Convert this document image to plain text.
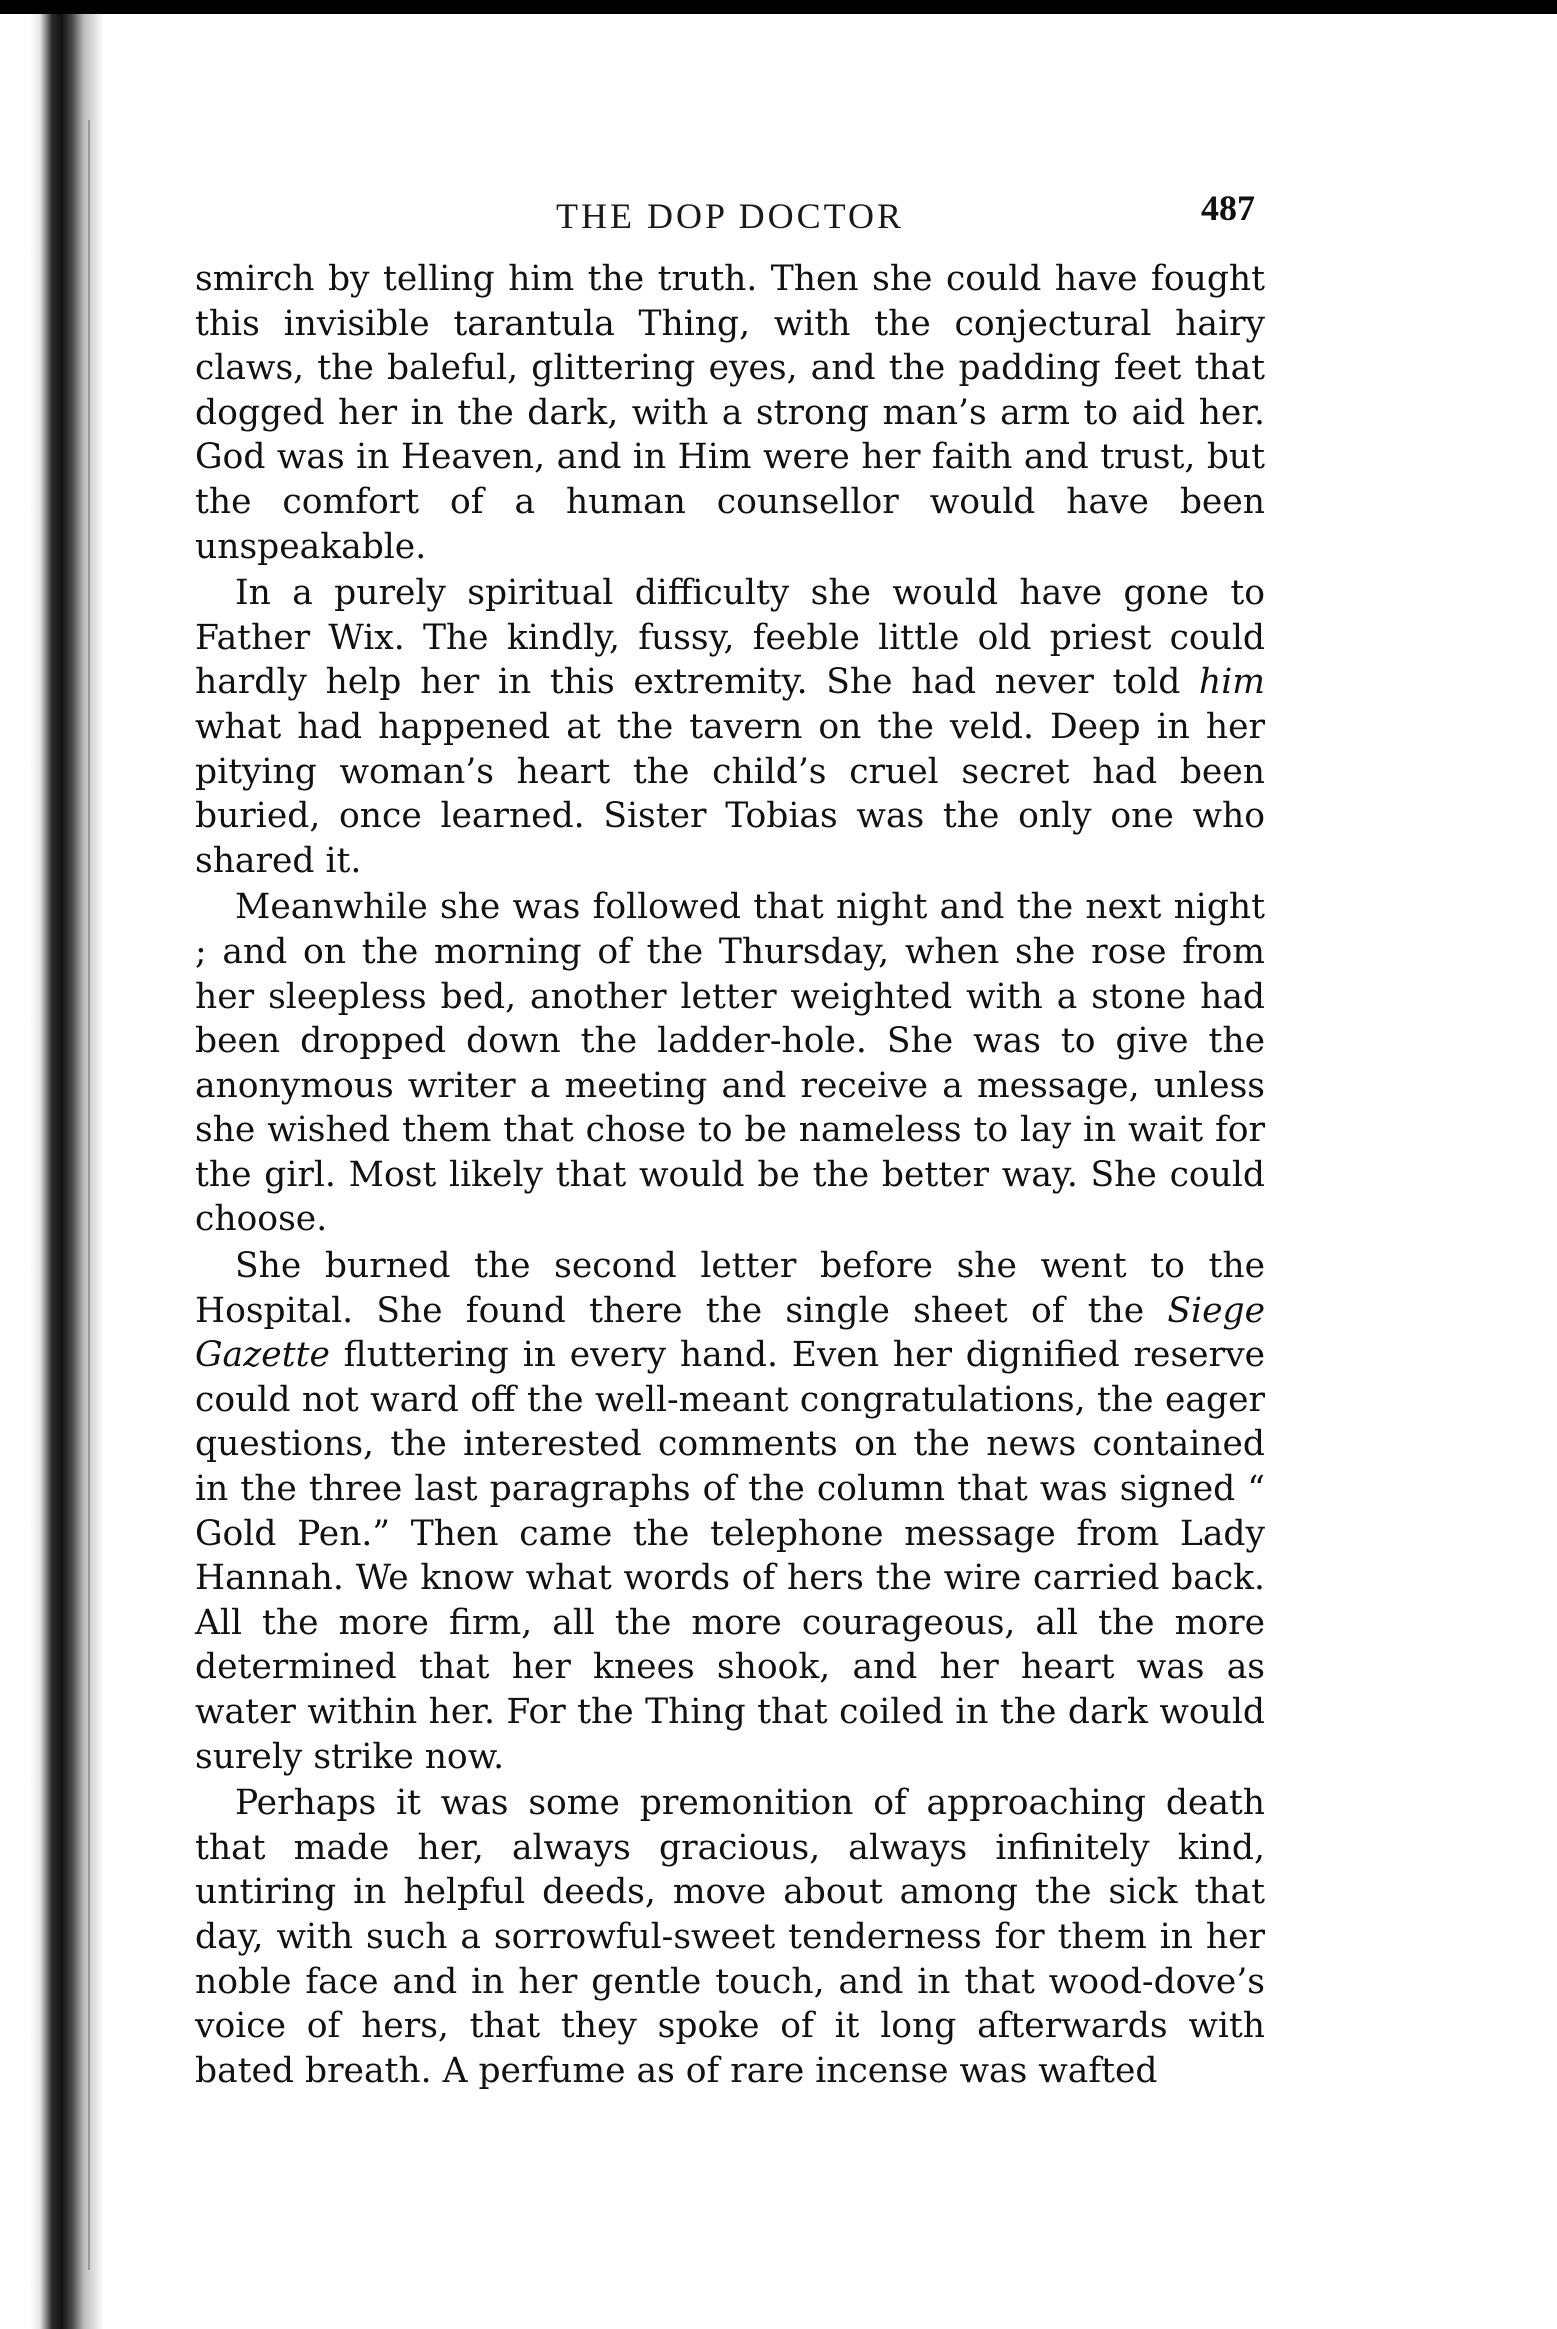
THE DOP DOCTOR	487

smirch by telling him the truth. Then she could have fought this invisible tarantula Thing, with the conjectural hairy claws, the baleful, glittering eyes, and the padding feet that dogged her in the dark, with a strong man’s arm to aid her. God was in Heaven, and in Him were her faith and trust, but the comfort of a human counsellor would have been unspeakable.

In a purely spiritual difficulty she would have gone to Father Wix. The kindly, fussy, feeble little old priest could hardly help her in this extremity. She had never told him what had happened at the tavern on the veld. Deep in her pitying woman’s heart the child’s cruel secret had been buried, once learned. Sister Tobias was the only one who shared it.

Meanwhile she was followed that night and the next night ; and on the morning of the Thursday, when she rose from her sleepless bed, another letter weighted with a stone had been dropped down the ladder-hole. She was to give the anonymous writer a meeting and receive a message, unless she wished them that chose to be nameless to lay in wait for the girl. Most likely that would be the better way. She could choose.

She burned the second letter before she went to the Hospital. She found there the single sheet of the Siege Gazette fluttering in every hand. Even her dignified reserve could not ward off the well-meant congratulations, the eager questions, the interested comments on the news contained in the three last paragraphs of the column that was signed “ Gold Pen.” Then came the telephone message from Lady Hannah. We know what words of hers the wire carried back. All the more firm, all the more courageous, all the more determined that her knees shook, and her heart was as water within her. For the Thing that coiled in the dark would surely strike now.

Perhaps it was some premonition of approaching death that made her, always gracious, always infinitely kind, untiring in helpful deeds, move about among the sick that day, with such a sorrowful-sweet tenderness for them in her noble face and in her gentle touch, and in that wood-dove’s voice of hers, that they spoke of it long afterwards with bated breath. A perfume as of rare incense was wafted
